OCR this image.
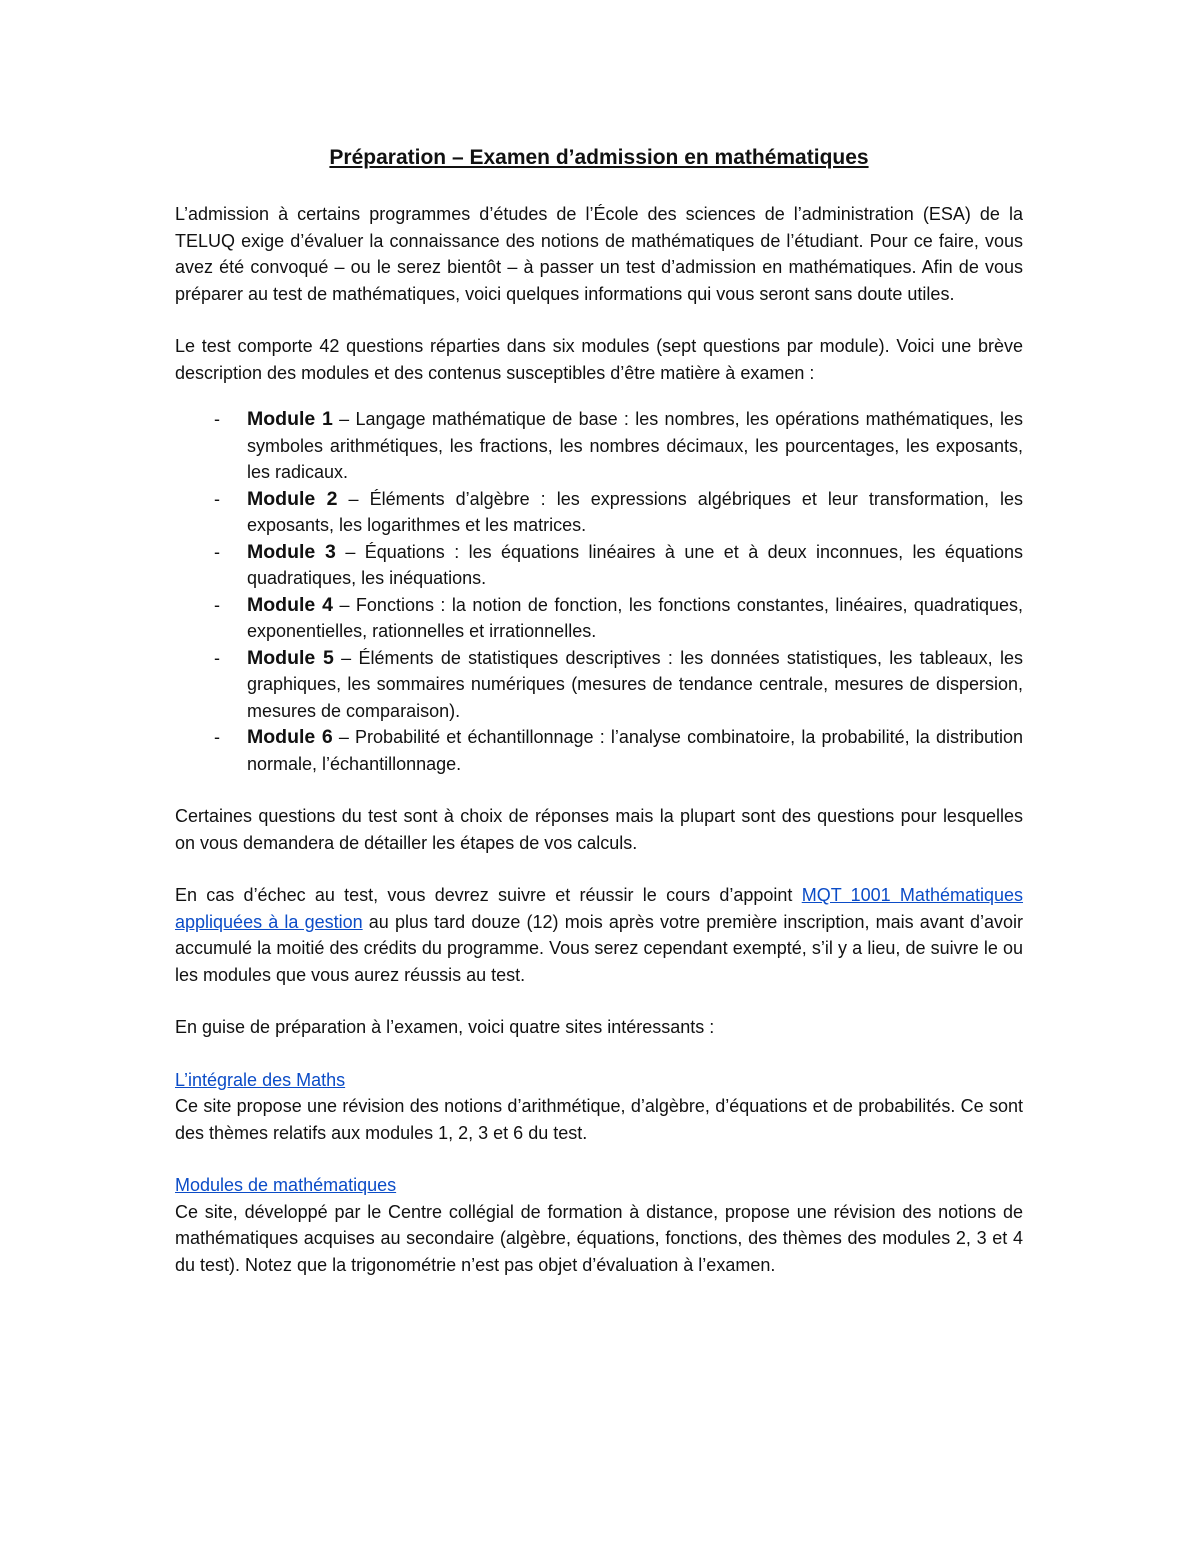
Préparation – Examen d’admission en mathématiques

L’admission à certains programmes d’études de l’École des sciences de l’administration (ESA) de la TELUQ exige d’évaluer la connaissance des notions de mathématiques de l’étudiant. Pour ce faire, vous avez été convoqué – ou le serez bientôt – à passer un test d’admission en mathématiques. Afin de vous préparer au test de mathématiques, voici quelques informations qui vous seront sans doute utiles.

Le test comporte 42 questions réparties dans six modules (sept questions par module). Voici une brève description des modules et des contenus susceptibles d’être matière à examen :

- Module 1 – Langage mathématique de base : les nombres, les opérations mathématiques, les symboles arithmétiques, les fractions, les nombres décimaux, les pourcentages, les exposants, les radicaux.
- Module 2 – Éléments d’algèbre : les expressions algébriques et leur transformation, les exposants, les logarithmes et les matrices.
- Module 3 – Équations : les équations linéaires à une et à deux inconnues, les équations quadratiques, les inéquations.
- Module 4 – Fonctions : la notion de fonction, les fonctions constantes, linéaires, quadratiques, exponentielles, rationnelles et irrationnelles.
- Module 5 – Éléments de statistiques descriptives : les données statistiques, les tableaux, les graphiques, les sommaires numériques (mesures de tendance centrale, mesures de dispersion, mesures de comparaison).
- Module 6 – Probabilité et échantillonnage : l’analyse combinatoire, la probabilité, la distribution normale, l’échantillonnage.

Certaines questions du test sont à choix de réponses mais la plupart sont des questions pour lesquelles on vous demandera de détailler les étapes de vos calculs.

En cas d’échec au test, vous devrez suivre et réussir le cours d’appoint MQT 1001 Mathématiques appliquées à la gestion au plus tard douze (12) mois après votre première inscription, mais avant d’avoir accumulé la moitié des crédits du programme. Vous serez cependant exempté, s’il y a lieu, de suivre le ou les modules que vous aurez réussis au test.

En guise de préparation à l’examen, voici quatre sites intéressants :

L’intégrale des Maths

Ce site propose une révision des notions d’arithmétique, d’algèbre, d’équations et de probabilités. Ce sont des thèmes relatifs aux modules 1, 2, 3 et 6 du test.

Modules de mathématiques

Ce site, développé par le Centre collégial de formation à distance, propose une révision des notions de mathématiques acquises au secondaire (algèbre, équations, fonctions, des thèmes des modules 2, 3 et 4 du test). Notez que la trigonométrie n’est pas objet d’évaluation à l’examen.
